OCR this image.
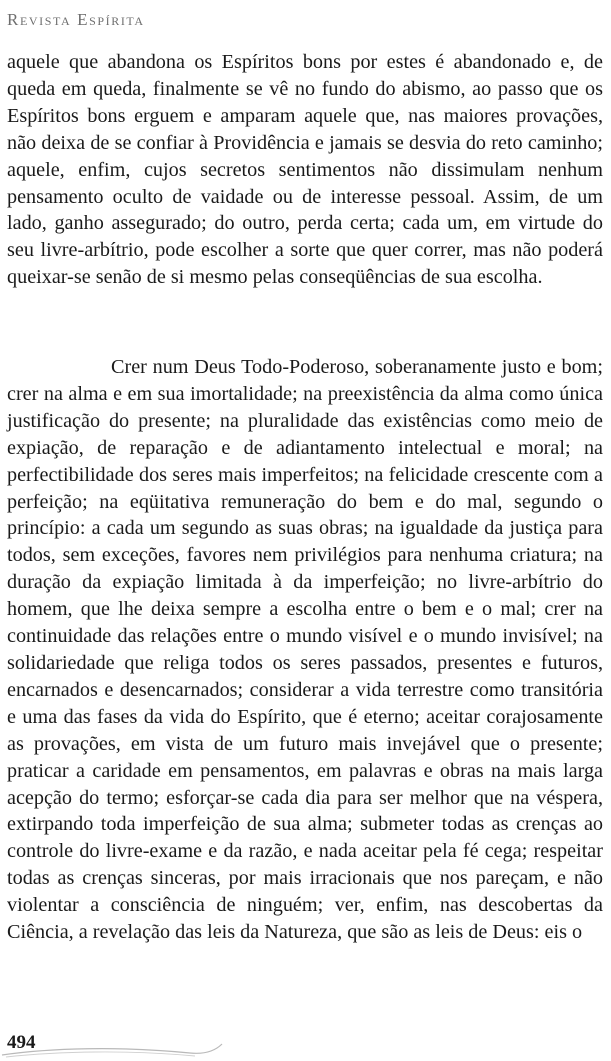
Revista Espírita

aquele que abandona os Espíritos bons por estes é abandonado e, de queda em queda, finalmente se vê no fundo do abismo, ao passo que os Espíritos bons erguem e amparam aquele que, nas maiores provações, não deixa de se confiar à Providência e jamais se desvia do reto caminho; aquele, enfim, cujos secretos sentimentos não dissimulam nenhum pensamento oculto de vaidade ou de interesse pessoal. Assim, de um lado, ganho assegurado; do outro, perda certa; cada um, em virtude do seu livre-arbítrio, pode escolher a sorte que quer correr, mas não poderá queixar-se senão de si mesmo pelas conseqüências de sua escolha.

Crer num Deus Todo-Poderoso, soberanamente justo e bom; crer na alma e em sua imortalidade; na preexistência da alma como única justificação do presente; na pluralidade das existências como meio de expiação, de reparação e de adiantamento intelectual e moral; na perfectibilidade dos seres mais imperfeitos; na felicidade crescente com a perfeição; na eqüitativa remuneração do bem e do mal, segundo o princípio: a cada um segundo as suas obras; na igualdade da justiça para todos, sem exceções, favores nem privilégios para nenhuma criatura; na duração da expiação limitada à da imperfeição; no livre-arbítrio do homem, que lhe deixa sempre a escolha entre o bem e o mal; crer na continuidade das relações entre o mundo visível e o mundo invisível; na solidariedade que religa todos os seres passados, presentes e futuros, encarnados e desencarnados; considerar a vida terrestre como transitória e uma das fases da vida do Espírito, que é eterno; aceitar corajosamente as provações, em vista de um futuro mais invejável que o presente; praticar a caridade em pensamentos, em palavras e obras na mais larga acepção do termo; esforçar-se cada dia para ser melhor que na véspera, extirpando toda imperfeição de sua alma; submeter todas as crenças ao controle do livre-exame e da razão, e nada aceitar pela fé cega; respeitar todas as crenças sinceras, por mais irracionais que nos pareçam, e não violentar a consciência de ninguém; ver, enfim, nas descobertas da Ciência, a revelação das leis da Natureza, que são as leis de Deus: eis o

494
